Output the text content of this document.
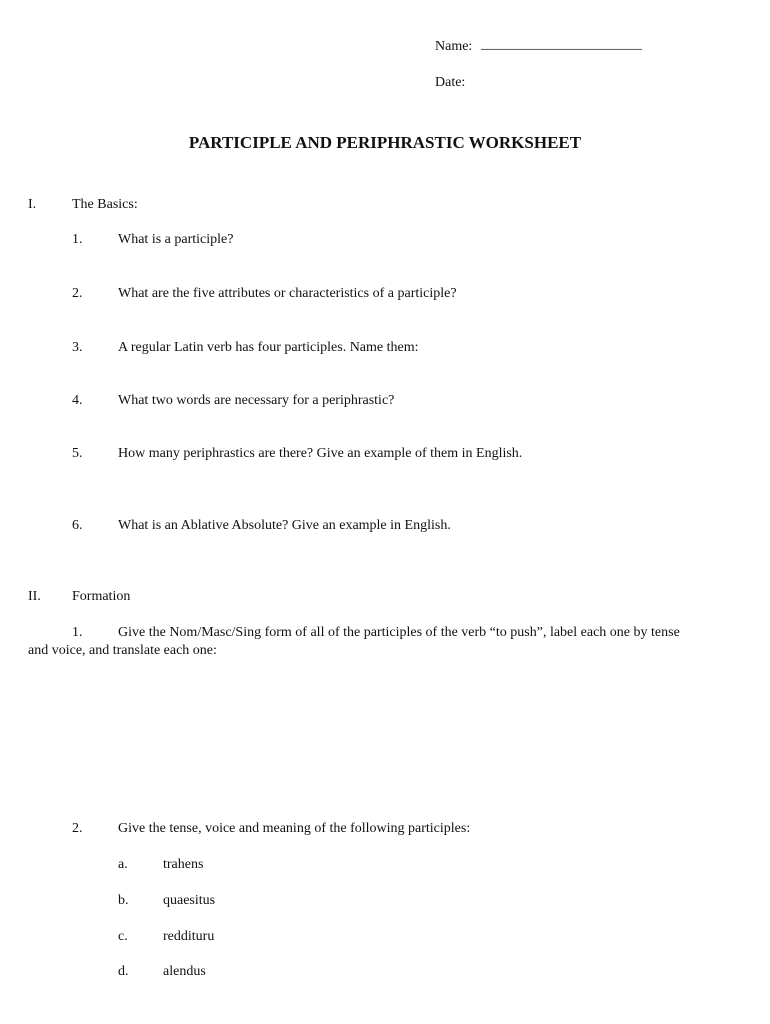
Name: _______________________
Date:
PARTICIPLE AND PERIPHRASTIC WORKSHEET
I.	The Basics:
1.	What is a participle?
2.	What are the five attributes or characteristics of a participle?
3.	A regular Latin verb has four participles. Name them:
4.	What two words are necessary for a periphrastic?
5.	How many periphrastics are there? Give an example of them in English.
6.	What is an Ablative Absolute? Give an example in English.
II. Formation
1.	Give the Nom/Masc/Sing form of all of the participles of the verb “to push”, label each one by tense
and voice, and translate each one:
2.	Give the tense, voice and meaning of the following participles:
a.	trahens
b. quaesitus
c.	reddituru
d. alendus
